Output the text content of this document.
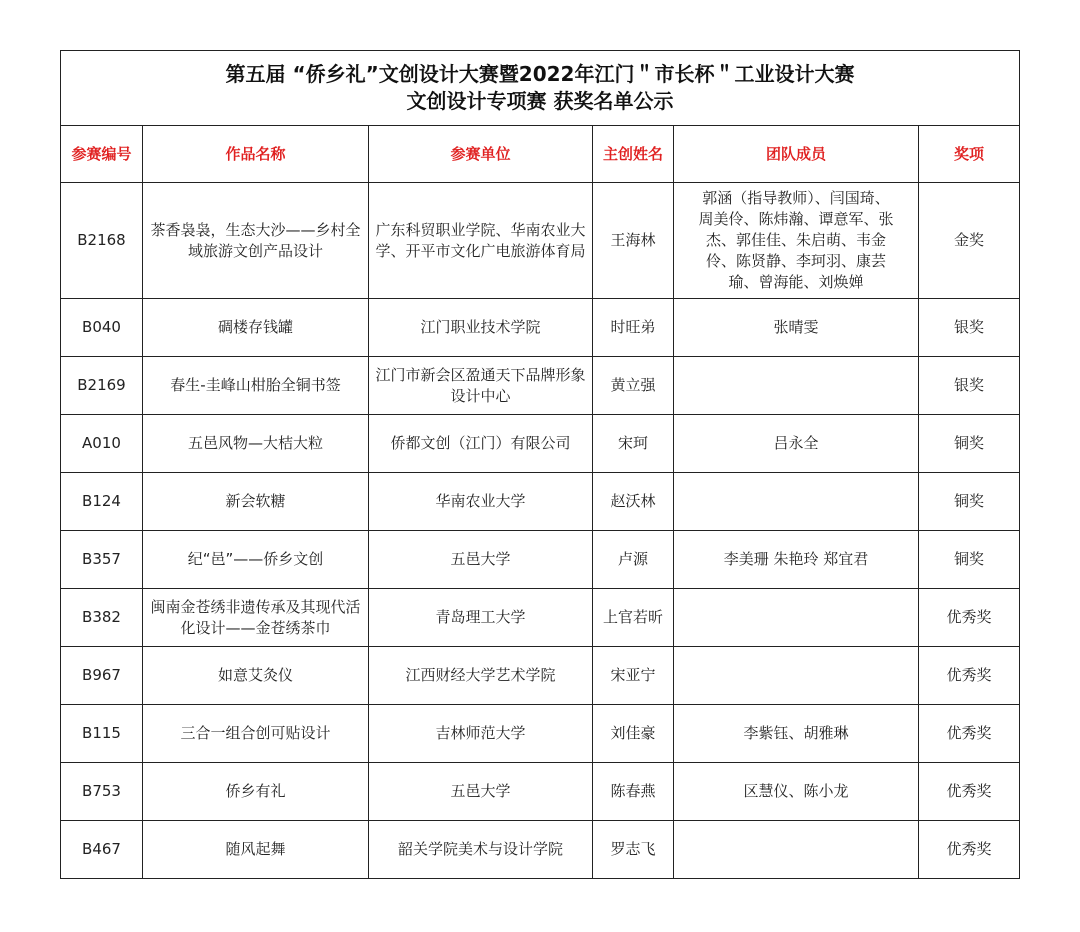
第五届 “侨乡礼”文创设计大赛暨2022年江门＂市长杯＂工业设计大赛
文创设计专项赛 获奖名单公示					

参赛编号	作品名称	参赛单位	主创姓名	团队成员	奖项
B2168	茶香袅袅，生态大沙——乡村全域旅游文创产品设计	广东科贸职业学院、华南农业大学、开平市文化广电旅游体育局	王海林	郭涵（指导教师）、闫国琦、周美伶、陈炜瀚、谭意军、张杰、郭佳佳、朱启萌、韦金伶、陈贤静、李珂羽、康芸瑜、曾海能、刘焕婵	金奖
B040	碉楼存钱罐	江门职业技术学院	时旺弟	张晴雯	银奖
B2169	春生-圭峰山柑胎全铜书签	江门市新会区盈通天下品牌形象设计中心	黄立强		银奖
A010	五邑风物—大桔大粒	侨都文创（江门）有限公司	宋珂	吕永全	铜奖
B124	新会软糖	华南农业大学	赵沃林		铜奖
B357	纪“邑”——侨乡文创	五邑大学	卢源	李美珊 朱艳玲 郑宜君	铜奖
B382	闽南金苍绣非遗传承及其现代活化设计——金苍绣茶巾	青岛理工大学	上官若昕		优秀奖
B967	如意艾灸仪	江西财经大学艺术学院	宋亚宁		优秀奖
B115	三合一组合创可贴设计	吉林师范大学	刘佳豪	李紫钰、胡雅琳	优秀奖
B753	侨乡有礼	五邑大学	陈春燕	区慧仪、陈小龙	优秀奖
B467	随风起舞	韶关学院美术与设计学院	罗志飞		优秀奖
